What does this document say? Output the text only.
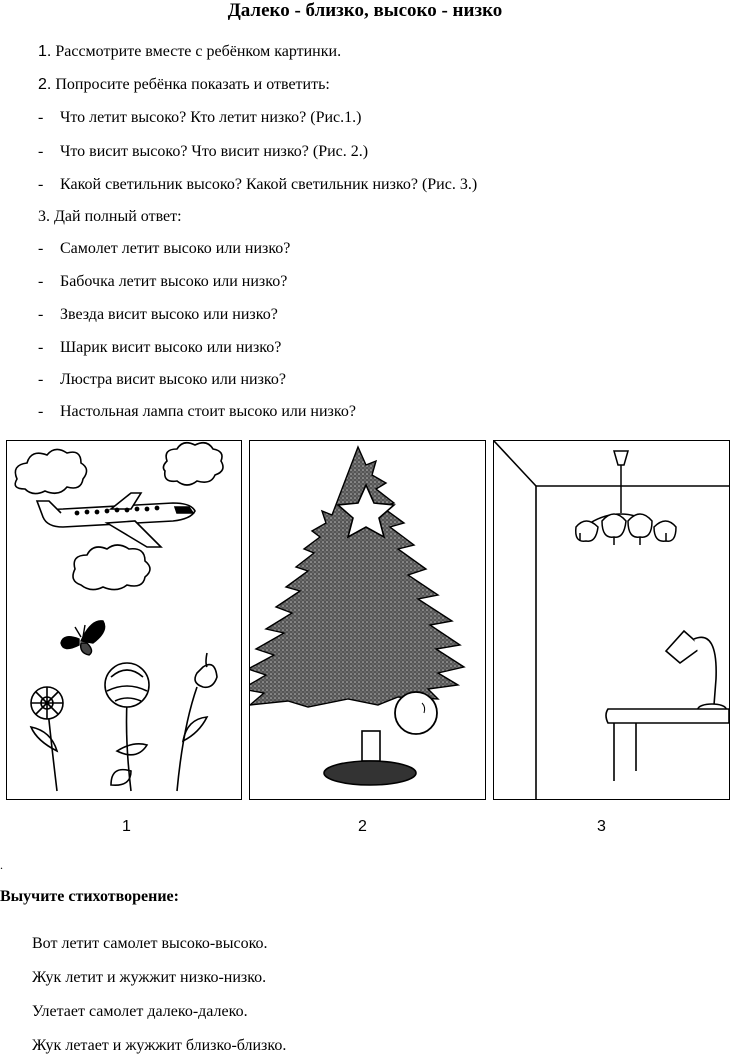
Далеко - близко, высоко - низко
1. Рассмотрите вместе с ребёнком картинки.
2. Попросите ребёнка показать и ответить:
- Что летит высоко? Кто летит низко? (Рис.1.)
- Что висит высоко? Что висит низко? (Рис. 2.)
- Какой светильник высоко? Какой светильник низко? (Рис. 3.)
3. Дай полный ответ:
- Самолет летит высоко или низко?
- Бабочка летит высоко или низко?
- Звезда висит высоко или низко?
- Шарик висит высоко или низко?
- Люстра висит высоко или низко?
- Настольная лампа стоит высоко или низко?
1	2	3
.
Выучите стихотворение:
Вот летит самолет высоко-высоко.
Жук летит и жужжит низко-низко.
Улетает самолет далеко-далеко.
Жук летает и жужжит близко-близко.
